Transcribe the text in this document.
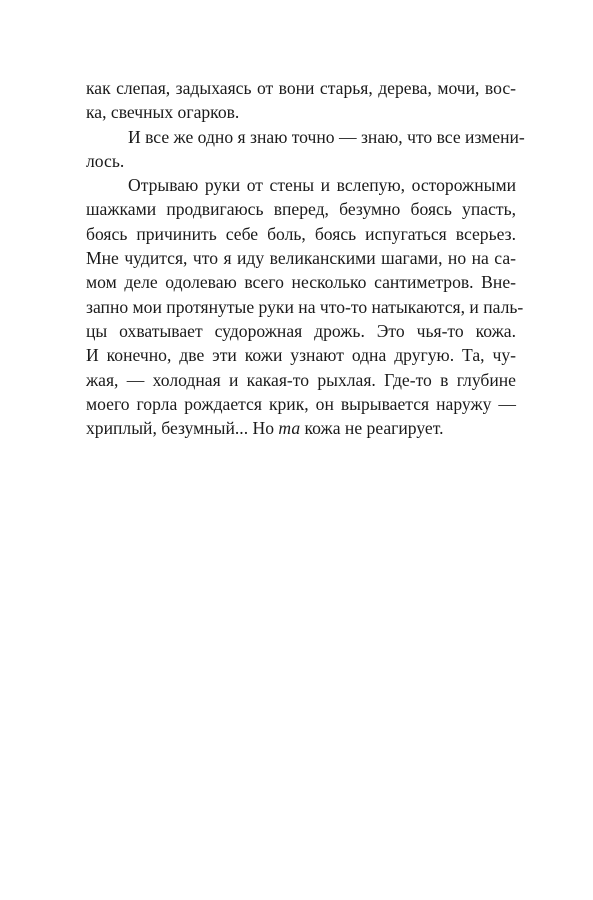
как слепая, задыхаясь от вони старья, дерева, мочи, вос-
ка, свечных огарков.
И все же одно я знаю точно — знаю, что все измени-
лось.
Отрываю руки от стены и вслепую, осторожными
шажками продвигаюсь вперед, безумно боясь упасть,
боясь причинить себе боль, боясь испугаться всерьез.
Мне чудится, что я иду великанскими шагами, но на са-
мом деле одолеваю всего несколько сантиметров. Вне-
запно мои протянутые руки на что-то натыкаются, и паль-
цы охватывает судорожная дрожь. Это чья-то кожа.
И конечно, две эти кожи узнают одна другую. Та, чу-
жая, — холодная и какая-то рыхлая. Где-то в глубине
моего горла рождается крик, он вырывается наружу —
хриплый, безумный... Но та кожа не реагирует.
